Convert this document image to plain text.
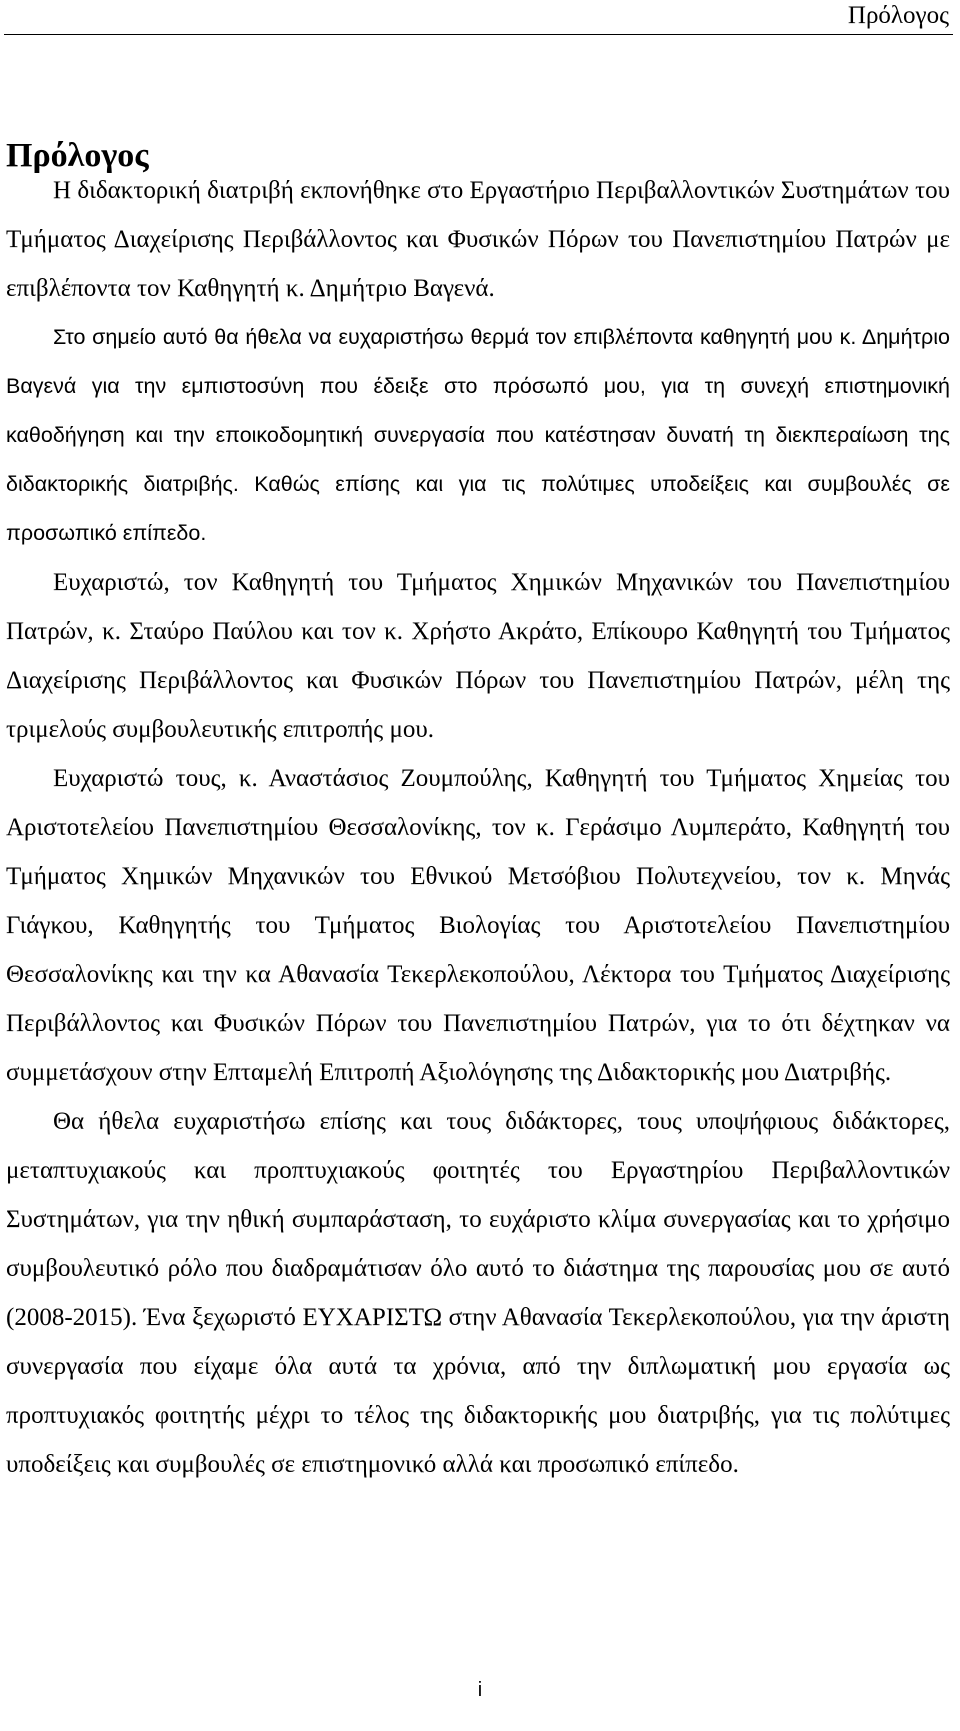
Πρόλογος
Πρόλογος

Η διδακτορική διατριβή εκπονήθηκε στο Εργαστήριο Περιβαλλοντικών Συστημάτων του Τμήματος Διαχείρισης Περιβάλλοντος και Φυσικών Πόρων του Πανεπιστημίου Πατρών με επιβλέποντα τον Καθηγητή κ. Δημήτριο Βαγενά.

Στο σημείο αυτό θα ήθελα να ευχαριστήσω θερμά τον επιβλέποντα καθηγητή μου κ. Δημήτριο Βαγενά για την εμπιστοσύνη που έδειξε στο πρόσωπό μου, για τη συνεχή επιστημονική καθοδήγηση και την εποικοδομητική συνεργασία που κατέστησαν δυνατή τη διεκπεραίωση της διδακτορικής διατριβής. Καθώς επίσης και για τις πολύτιμες υποδείξεις και συμβουλές σε προσωπικό επίπεδο.

Ευχαριστώ, τον Καθηγητή του Τμήματος Χημικών Μηχανικών του Πανεπιστημίου Πατρών, κ. Σταύρο Παύλου και τον κ. Χρήστο Ακράτο, Επίκουρο Καθηγητή του Τμήματος Διαχείρισης Περιβάλλοντος και Φυσικών Πόρων του Πανεπιστημίου Πατρών, μέλη της τριμελούς συμβουλευτικής επιτροπής μου.

Ευχαριστώ τους, κ. Αναστάσιος Ζουμπούλης, Καθηγητή του Τμήματος Χημείας του Αριστοτελείου Πανεπιστημίου Θεσσαλονίκης, τον κ. Γεράσιμο Λυμπεράτο, Καθηγητή του Τμήματος Χημικών Μηχανικών του Εθνικού Μετσόβιου Πολυτεχνείου, τον κ. Μηνάς Γιάγκου, Καθηγητής του Τμήματος Βιολογίας του Αριστοτελείου Πανεπιστημίου Θεσσαλονίκης και την κα Αθανασία Τεκερλεκοπούλου, Λέκτορα του Τμήματος Διαχείρισης Περιβάλλοντος και Φυσικών Πόρων του Πανεπιστημίου Πατρών, για το ότι δέχτηκαν να συμμετάσχουν στην Επταμελή Επιτροπή Αξιολόγησης της Διδακτορικής μου Διατριβής.

Θα ήθελα ευχαριστήσω επίσης και τους διδάκτορες, τους υποψήφιους διδάκτορες, μεταπτυχιακούς και προπτυχιακούς φοιτητές του Εργαστηρίου Περιβαλλοντικών Συστημάτων, για την ηθική συμπαράσταση, το ευχάριστο κλίμα συνεργασίας και το χρήσιμο συμβουλευτικό ρόλο που διαδραμάτισαν όλο αυτό το διάστημα της παρουσίας μου σε αυτό (2008-2015). Ένα ξεχωριστό ΕΥΧΑΡΙΣΤΩ στην Αθανασία Τεκερλεκοπούλου, για την άριστη συνεργασία που είχαμε όλα αυτά τα χρόνια, από την διπλωματική μου εργασία ως προπτυχιακός φοιτητής μέχρι το τέλος της διδακτορικής μου διατριβής, για τις πολύτιμες υποδείξεις και συμβουλές σε επιστημονικό αλλά και προσωπικό επίπεδο.

i
